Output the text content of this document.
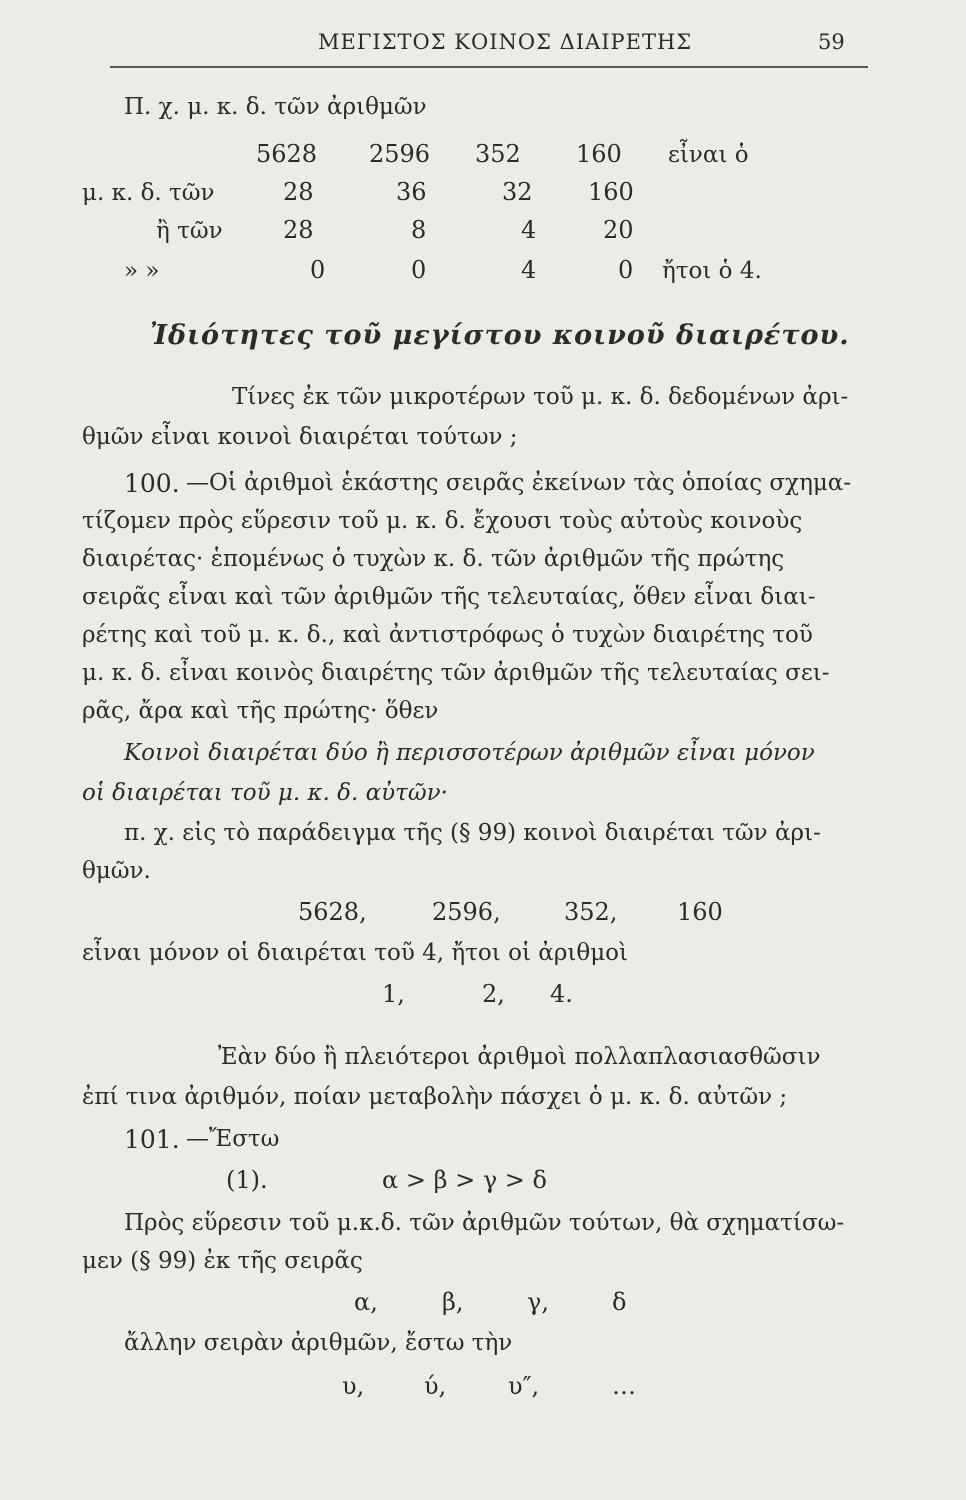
ΜΕΓΙΣΤΟΣ ΚΟΙΝΟΣ ΔΙΑΙΡΕΤΗΣ	59
Π. χ. μ. κ. δ. τῶν ἀριθμῶν
5628 2596 352 160 εἶναι ὁ
μ. κ. δ. τῶν	28	36	32 160
ἢ τῶν	28	8	4	20
» »	0	0	4	0 ἤτοι ὁ 4.
Ἰδιότητες τοῦ μεγίστου κοινοῦ διαιρέτου.
Τίνες ἐκ τῶν μικροτέρων τοῦ μ. κ. δ. δεδομένων ἀρι-
θμῶν εἶναι κοινοὶ διαιρέται τούτων ;
100. —Οἱ ἀριθμοὶ ἑκάστης σειρᾶς ἐκείνων τὰς ὁποίας σχημα-
τίζομεν πρὸς εὕρεσιν τοῦ μ. κ. δ. ἔχουσι τοὺς αὐτοὺς κοινοὺς
διαιρέτας· ἑπομένως ὁ τυχὼν κ. δ. τῶν ἀριθμῶν τῆς πρώτης
σειρᾶς εἶναι καὶ τῶν ἀριθμῶν τῆς τελευταίας, ὅθεν εἶναι διαι-
ρέτης καὶ τοῦ μ. κ. δ., καὶ ἀντιστρόφως ὁ τυχὼν διαιρέτης τοῦ
μ. κ. δ. εἶναι κοινὸς διαιρέτης τῶν ἀριθμῶν τῆς τελευταίας σει-
ρᾶς, ἄρα καὶ τῆς πρώτης· ὅθεν
Κοινοὶ διαιρέται δύο ἢ περισσοτέρων ἀριθμῶν εἶναι μόνον
οἱ διαιρέται τοῦ μ. κ. δ. αὐτῶν·
π. χ. εἰς τὸ παράδειγμα τῆς (§ 99) κοινοὶ διαιρέται τῶν ἀρι-
θμῶν.
5628,	2596,	352, 160
εἶναι μόνον οἱ διαιρέται τοῦ 4, ἤτοι οἱ ἀριθμοὶ
1,	2, 4.
Ἐὰν δύο ἢ πλειότεροι ἀριθμοὶ πολλαπλασιασθῶσιν
ἐπί τινα ἀριθμόν, ποίαν μεταβολὴν πάσχει ὁ μ. κ. δ. αὐτῶν ;
101. —Ἔστω
(1).	α > β > γ > δ
Πρὸς εὕρεσιν τοῦ μ.κ.δ. τῶν ἀριθμῶν τούτων, θὰ σχηματίσω-
μεν (§ 99) ἐκ τῆς σειρᾶς
α,	β,	γ,	δ
ἄλλην σειρὰν ἀριθμῶν, ἔστω τὴν
υ, ύ,	υ″,	…
